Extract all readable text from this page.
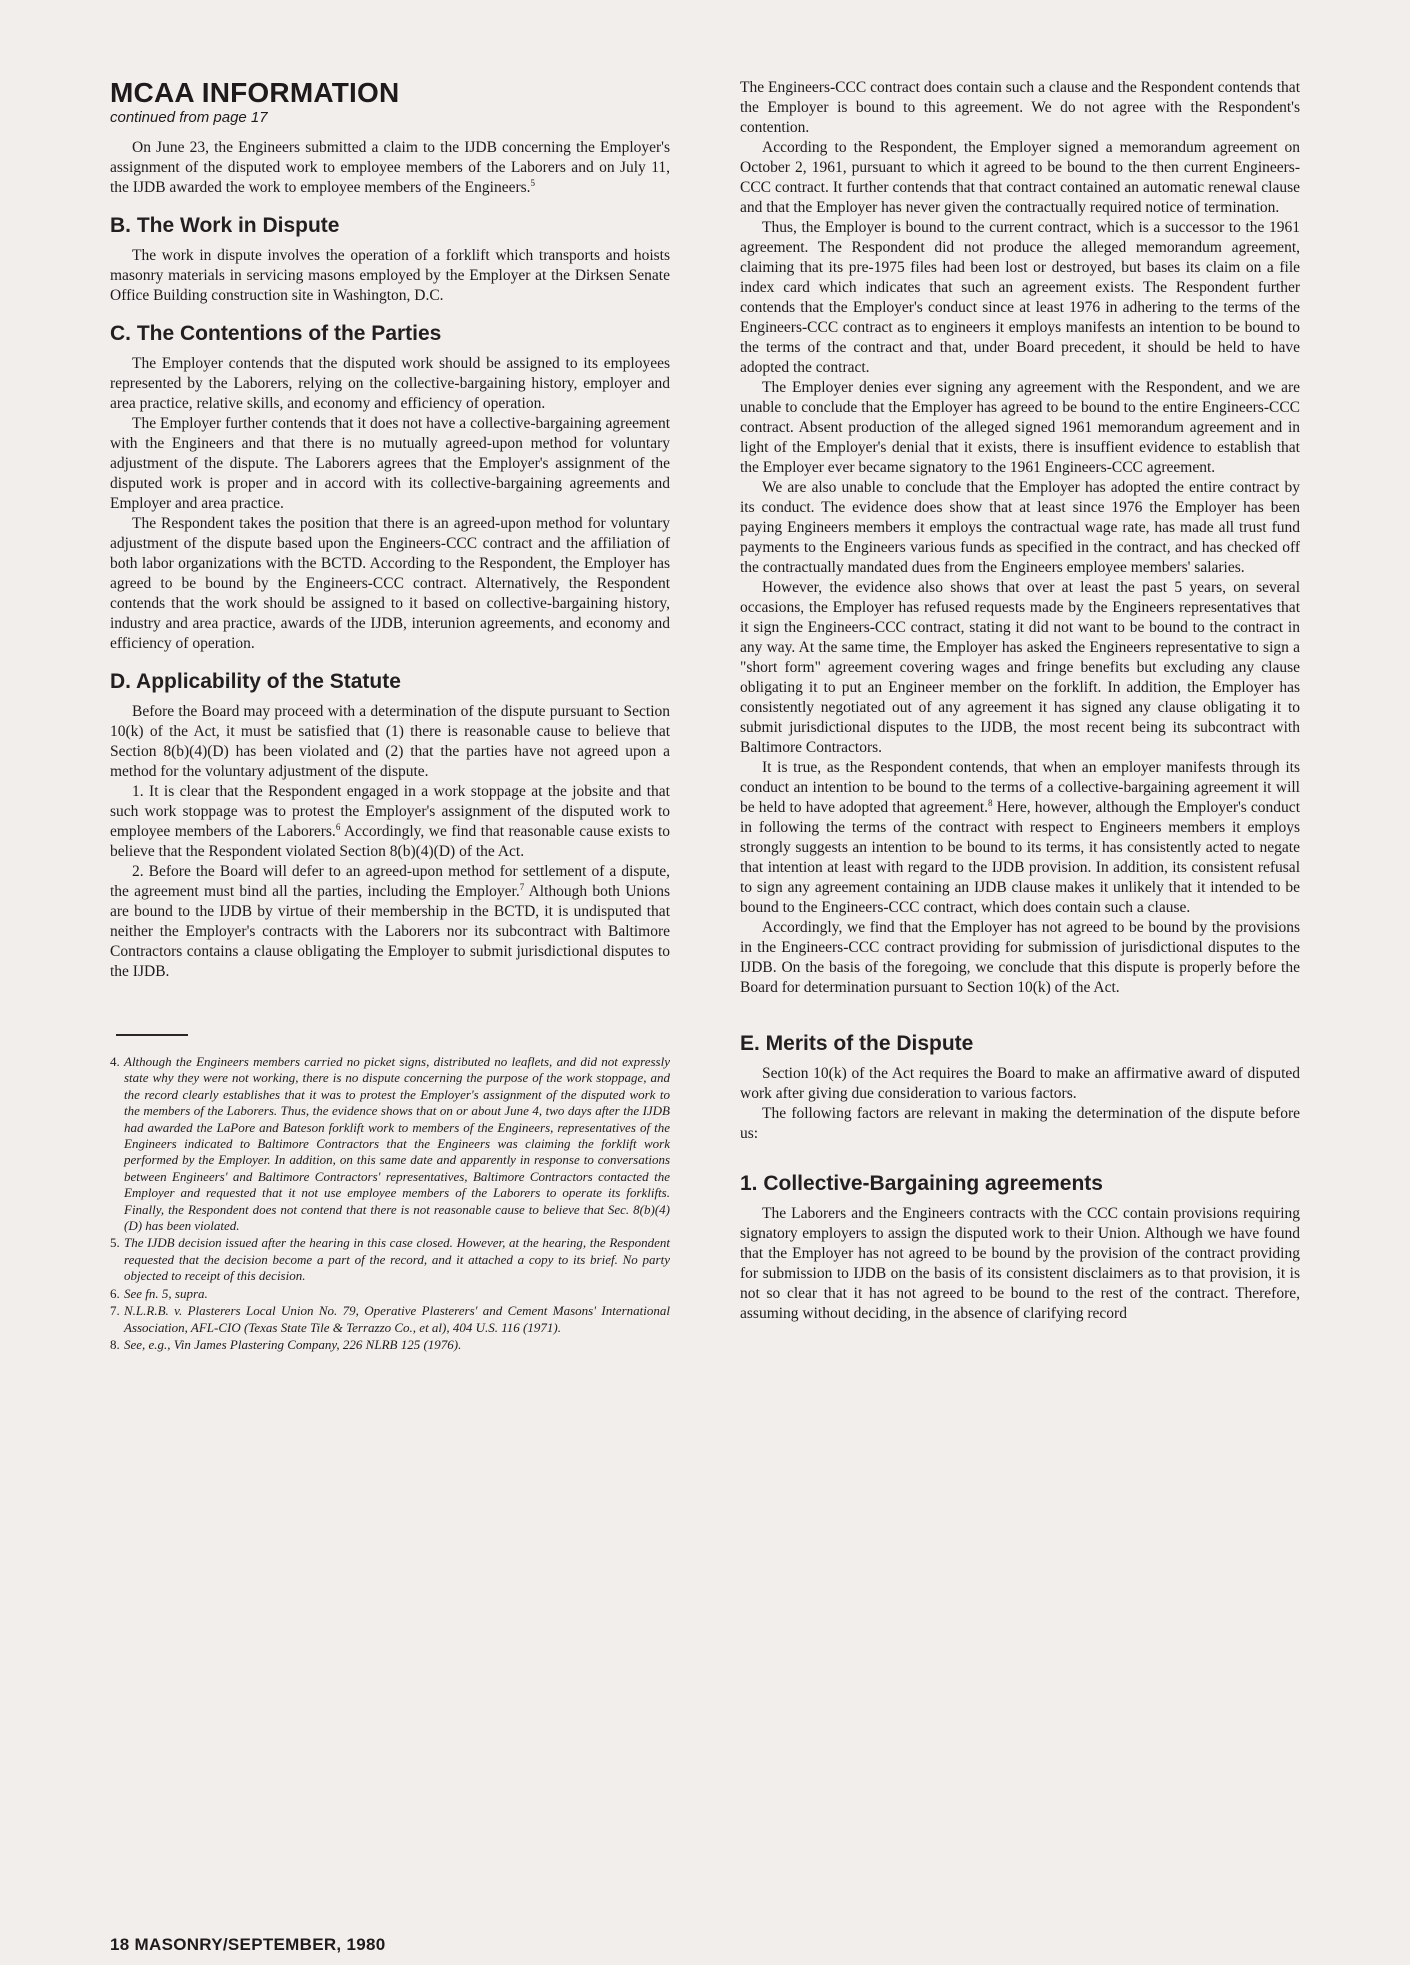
MCAA INFORMATION
continued from page 17

On June 23, the Engineers submitted a claim to the IJDB concerning the Employer's assignment of the disputed work to employee members of the Laborers and on July 11, the IJDB awarded the work to employee members of the Engineers.$^5$

B. The Work in Dispute

The work in dispute involves the operation of a forklift which transports and hoists masonry materials in servicing masons employed by the Employer at the Dirksen Senate Office Building construction site in Washington, D.C.

C. The Contentions of the Parties

The Employer contends that the disputed work should be assigned to its employees represented by the Laborers, relying on the collective-bargaining history, employer and area practice, relative skills, and economy and efficiency of operation.

The Employer further contends that it does not have a collective-bargaining agreement with the Engineers and that there is no mutually agreed-upon method for voluntary adjustment of the dispute. The Laborers agrees that the Employer's assignment of the disputed work is proper and in accord with its collective-bargaining agreements and Employer and area practice.

The Respondent takes the position that there is an agreed-upon method for voluntary adjustment of the dispute based upon the Engineers-CCC contract and the affiliation of both labor organizations with the BCTD. According to the Respondent, the Employer has agreed to be bound by the Engineers-CCC contract. Alternatively, the Respondent contends that the work should be assigned to it based on collective-bargaining history, industry and area practice, awards of the IJDB, interunion agreements, and economy and efficiency of operation.

D. Applicability of the Statute

Before the Board may proceed with a determination of the dispute pursuant to Section 10(k) of the Act, it must be satisfied that (1) there is reasonable cause to believe that Section 8(b)(4)(D) has been violated and (2) that the parties have not agreed upon a method for the voluntary adjustment of the dispute.

1. It is clear that the Respondent engaged in a work stoppage at the jobsite and that such work stoppage was to protest the Employer's assignment of the disputed work to employee members of the Laborers.$^6$ Accordingly, we find that reasonable cause exists to believe that the Respondent violated Section 8(b)(4)(D) of the Act.

2. Before the Board will defer to an agreed-upon method for settlement of a dispute, the agreement must bind all the parties, including the Employer.$^7$ Although both Unions are bound to the IJDB by virtue of their membership in the BCTD, it is undisputed that neither the Employer's contracts with the Laborers nor its subcontract with Baltimore Contractors contains a clause obligating the Employer to submit jurisdictional disputes to the IJDB.

4. Although the Engineers members carried no picket signs, distributed no leaflets, and did not expressly state why they were not working, there is no dispute concerning the purpose of the work stoppage, and the record clearly establishes that it was to protest the Employer's assignment of the disputed work to the members of the Laborers. Thus, the evidence shows that on or about June 4, two days after the IJDB had awarded the LaPore and Bateson forklift work to members of the Engineers, representatives of the Engineers indicated to Baltimore Contractors that the Engineers was claiming the forklift work performed by the Employer. In addition, on this same date and apparently in response to conversations between Engineers' and Baltimore Contractors' representatives, Baltimore Contractors contacted the Employer and requested that it not use employee members of the Laborers to operate its forklifts. Finally, the Respondent does not contend that there is not reasonable cause to believe that Sec. 8(b)(4)(D) has been violated.
5. The IJDB decision issued after the hearing in this case closed. However, at the hearing, the Respondent requested that the decision become a part of the record, and it attached a copy to its brief. No party objected to receipt of this decision.
6. See fn. 5, supra.
7. N.L.R.B. v. Plasterers Local Union No. 79, Operative Plasterers' and Cement Masons' International Association, AFL-CIO (Texas State Tile & Terrazzo Co., et al), 404 U.S. 116 (1971).
8. See, e.g., Vin James Plastering Company, 226 NLRB 125 (1976).

The Engineers-CCC contract does contain such a clause and the Respondent contends that the Employer is bound to this agreement. We do not agree with the Respondent's contention.

According to the Respondent, the Employer signed a memorandum agreement on October 2, 1961, pursuant to which it agreed to be bound to the then current Engineers-CCC contract. It further contends that that contract contained an automatic renewal clause and that the Employer has never given the contractually required notice of termination.

Thus, the Employer is bound to the current contract, which is a successor to the 1961 agreement. The Respondent did not produce the alleged memorandum agreement, claiming that its pre-1975 files had been lost or destroyed, but bases its claim on a file index card which indicates that such an agreement exists. The Respondent further contends that the Employer's conduct since at least 1976 in adhering to the terms of the Engineers-CCC contract as to engineers it employs manifests an intention to be bound to the terms of the contract and that, under Board precedent, it should be held to have adopted the contract.

The Employer denies ever signing any agreement with the Respondent, and we are unable to conclude that the Employer has agreed to be bound to the entire Engineers-CCC contract. Absent production of the alleged signed 1961 memorandum agreement and in light of the Employer's denial that it exists, there is insuffient evidence to establish that the Employer ever became signatory to the 1961 Engineers-CCC agreement.

We are also unable to conclude that the Employer has adopted the entire contract by its conduct. The evidence does show that at least since 1976 the Employer has been paying Engineers members it employs the contractual wage rate, has made all trust fund payments to the Engineers various funds as specified in the contract, and has checked off the contractually mandated dues from the Engineers employee members' salaries.

However, the evidence also shows that over at least the past 5 years, on several occasions, the Employer has refused requests made by the Engineers representatives that it sign the Engineers-CCC contract, stating it did not want to be bound to the contract in any way. At the same time, the Employer has asked the Engineers representative to sign a "short form" agreement covering wages and fringe benefits but excluding any clause obligating it to put an Engineer member on the forklift. In addition, the Employer has consistently negotiated out of any agreement it has signed any clause obligating it to submit jurisdictional disputes to the IJDB, the most recent being its subcontract with Baltimore Contractors.

It is true, as the Respondent contends, that when an employer manifests through its conduct an intention to be bound to the terms of a collective-bargaining agreement it will be held to have adopted that agreement.$^8$ Here, however, although the Employer's conduct in following the terms of the contract with respect to Engineers members it employs strongly suggests an intention to be bound to its terms, it has consistently acted to negate that intention at least with regard to the IJDB provision. In addition, its consistent refusal to sign any agreement containing an IJDB clause makes it unlikely that it intended to be bound to the Engineers-CCC contract, which does contain such a clause.

Accordingly, we find that the Employer has not agreed to be bound by the provisions in the Engineers-CCC contract providing for submission of jurisdictional disputes to the IJDB. On the basis of the foregoing, we conclude that this dispute is properly before the Board for determination pursuant to Section 10(k) of the Act.

E. Merits of the Dispute

Section 10(k) of the Act requires the Board to make an affirmative award of disputed work after giving due consideration to various factors.

The following factors are relevant in making the determination of the dispute before us:

1. Collective-Bargaining agreements

The Laborers and the Engineers contracts with the CCC contain provisions requiring signatory employers to assign the disputed work to their Union. Although we have found that the Employer has not agreed to be bound by the provision of the contract providing for submission to IJDB on the basis of its consistent disclaimers as to that provision, it is not so clear that it has not agreed to be bound to the rest of the contract. Therefore, assuming without deciding, in the absence of clarifying record

18 MASONRY/SEPTEMBER, 1980
